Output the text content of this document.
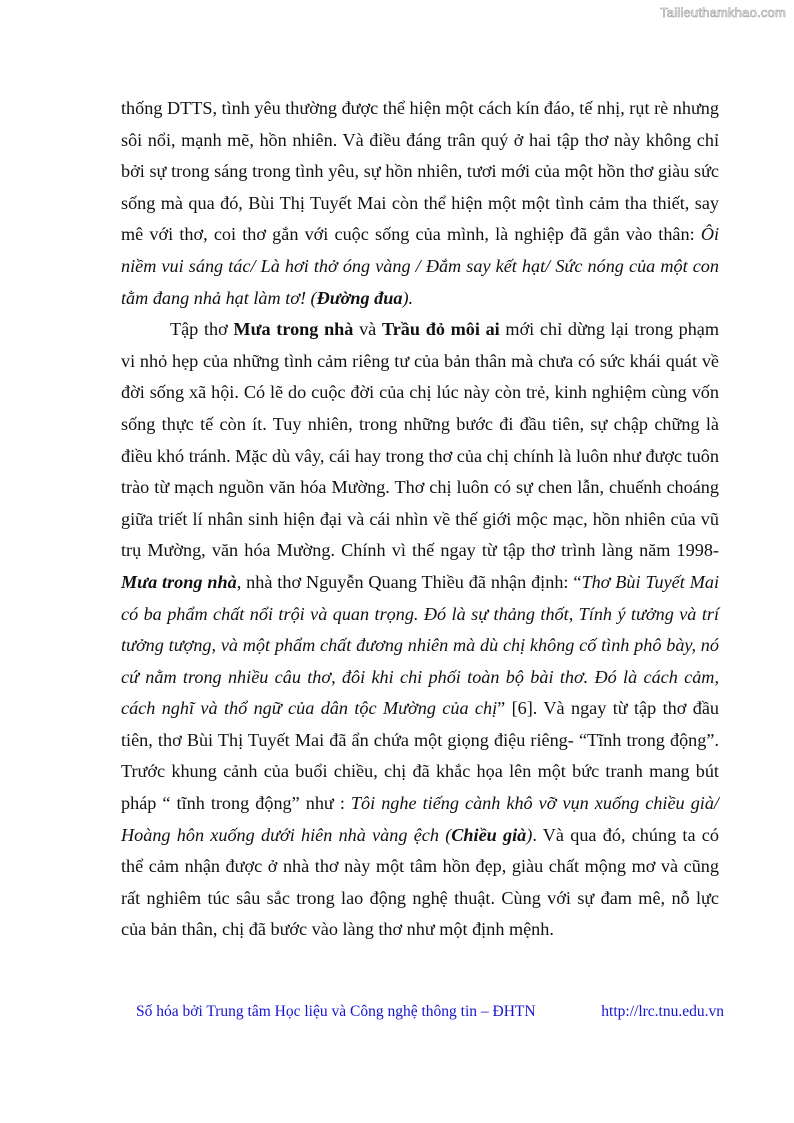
Tailieuthamkhao.com

thống DTTS, tình yêu thường được thể hiện một cách kín đáo, tế nhị, rụt rè nhưng sôi nổi, mạnh mẽ, hồn nhiên. Và điều đáng trân quý ở hai tập thơ này không chỉ bởi sự trong sáng trong tình yêu, sự hồn nhiên, tươi mới của một hồn thơ giàu sức sống mà qua đó, Bùi Thị Tuyết Mai còn thể hiện một một tình cảm tha thiết, say mê với thơ, coi thơ gắn với cuộc sống của mình, là nghiệp đã gắn vào thân: Ôi niềm vui sáng tác/ Là hơi thở óng vàng / Đắm say kết hạt/ Sức nóng của một con tằm đang nhả hạt làm tơ! (Đường đua).

Tập thơ Mưa trong nhà và Trầu đỏ môi ai mới chỉ dừng lại trong phạm vi nhỏ hẹp của những tình cảm riêng tư của bản thân mà chưa có sức khái quát về đời sống xã hội. Có lẽ do cuộc đời của chị lúc này còn trẻ, kinh nghiệm cùng vốn sống thực tế còn ít. Tuy nhiên, trong những bước đi đầu tiên, sự chập chững là điều khó tránh. Mặc dù vây, cái hay trong thơ của chị chính là luôn như được tuôn trào từ mạch nguồn văn hóa Mường. Thơ chị luôn có sự chen lẫn, chuếnh choáng giữa triết lí nhân sinh hiện đại và cái nhìn về thế giới mộc mạc, hồn nhiên của vũ trụ Mường, văn hóa Mường. Chính vì thế ngay từ tập thơ trình làng năm 1998- Mưa trong nhà, nhà thơ Nguyễn Quang Thiều đã nhận định: “Thơ Bùi Tuyết Mai có ba phẩm chất nổi trội và quan trọng. Đó là sự thảng thốt, Tính ý tưởng và trí tưởng tượng, và một phẩm chất đương nhiên mà dù chị không cố tình phô bày, nó cứ nằm trong nhiều câu thơ, đôi khi chi phối toàn bộ bài thơ. Đó là cách cảm, cách nghĩ và thổ ngữ của dân tộc Mường của chị” [6]. Và ngay từ tập thơ đầu tiên, thơ Bùi Thị Tuyết Mai đã ẩn chứa một giọng điệu riêng- “Tĩnh trong động”. Trước khung cảnh của buổi chiều, chị đã khắc họa lên một bức tranh mang bút pháp “ tĩnh trong động” như : Tôi nghe tiếng cành khô vỡ vụn xuống chiều già/ Hoàng hôn xuống dưới hiên nhà vàng ệch (Chiều già). Và qua đó, chúng ta có thể cảm nhận được ở nhà thơ này một tâm hồn đẹp, giàu chất mộng mơ và cũng rất nghiêm túc sâu sắc trong lao động nghệ thuật. Cùng với sự đam mê, nỗ lực của bản thân, chị đã bước vào làng thơ như một định mệnh.

Số hóa bởi Trung tâm Học liệu và Công nghệ thông tin – ĐHTN	http://lrc.tnu.edu.vn
